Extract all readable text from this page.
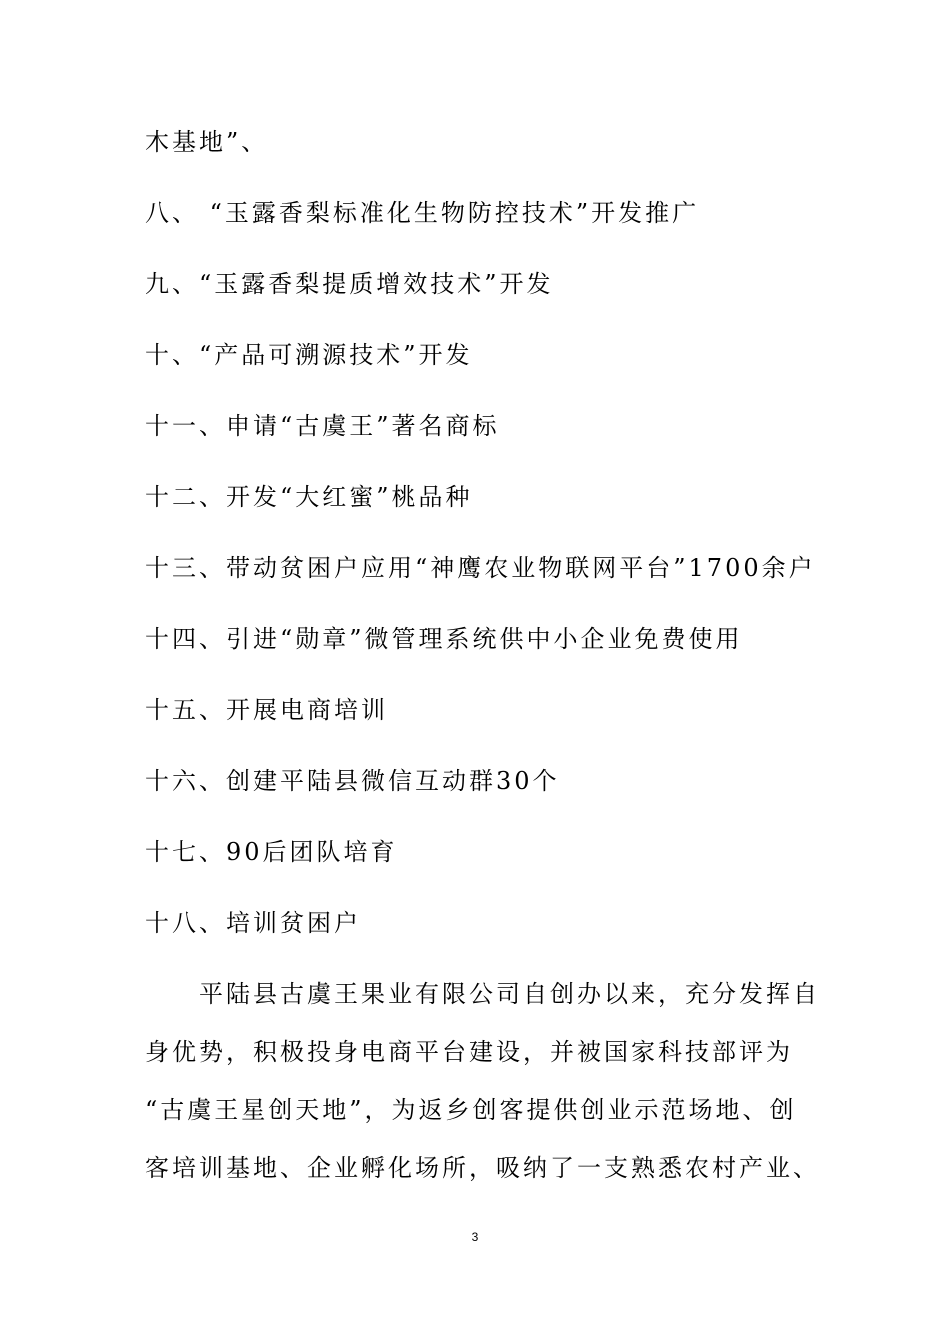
木基地”、
八、 “玉露香梨标准化生物防控技术”开发推广
九、“玉露香梨提质增效技术”开发
十、“产品可溯源技术”开发
十一、申请“古虞王”著名商标
十二、开发“大红蜜”桃品种
十三、带动贫困户应用“神鹰农业物联网平台”1700余户
十四、引进“勋章”微管理系统供中小企业免费使用
十五、开展电商培训
十六、创建平陆县微信互动群30个
十七、90后团队培育
十八、培训贫困户
　　平陆县古虞王果业有限公司自创办以来，充分发挥自
身优势，积极投身电商平台建设，并被国家科技部评为
“古虞王星创天地”，为返乡创客提供创业示范场地、创
客培训基地、企业孵化场所，吸纳了一支熟悉农村产业、
3
